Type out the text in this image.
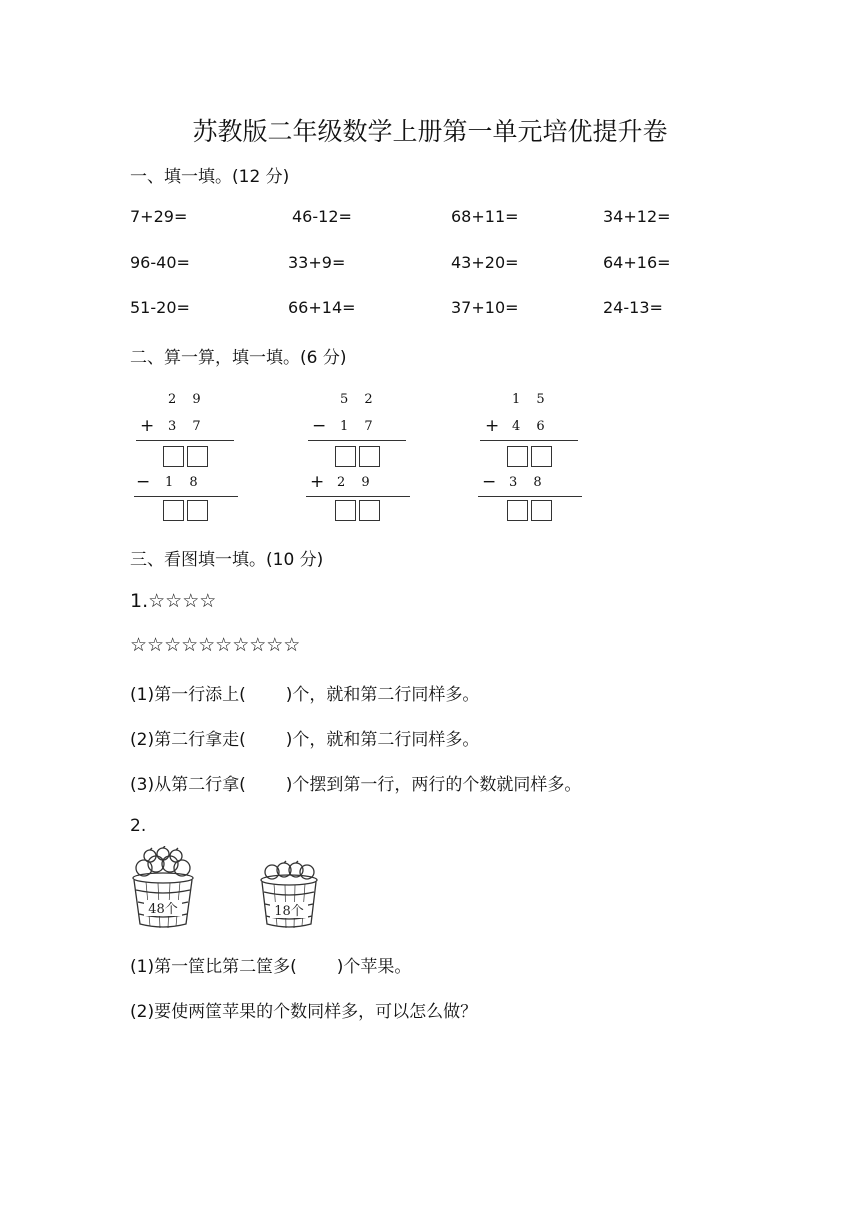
苏教版二年级数学上册第一单元培优提升卷
一、填一填。(12 分)
7+29=	46-12=	68+11=	34+12=
96-40=	33+9=	43+20=	64+16=
51-20=	66+14=	37+10=	24-13=
二、算一算，填一填。(6 分)
2 9
+ 3 7
− 1 8
5 2
− 1 7
+ 2 9
1 5
+ 4 6
− 3 8
三、看图填一填。(10 分)
1.☆☆☆☆
☆☆☆☆☆☆☆☆☆☆
(1)第一行添上( )个，就和第二行同样多。
(2)第二行拿走( )个，就和第二行同样多。
(3)从第二行拿( )个摆到第一行，两行的个数就同样多。
2.
48个	18个
(1)第一筐比第二筐多( )个苹果。
(2)要使两筐苹果的个数同样多，可以怎么做？
